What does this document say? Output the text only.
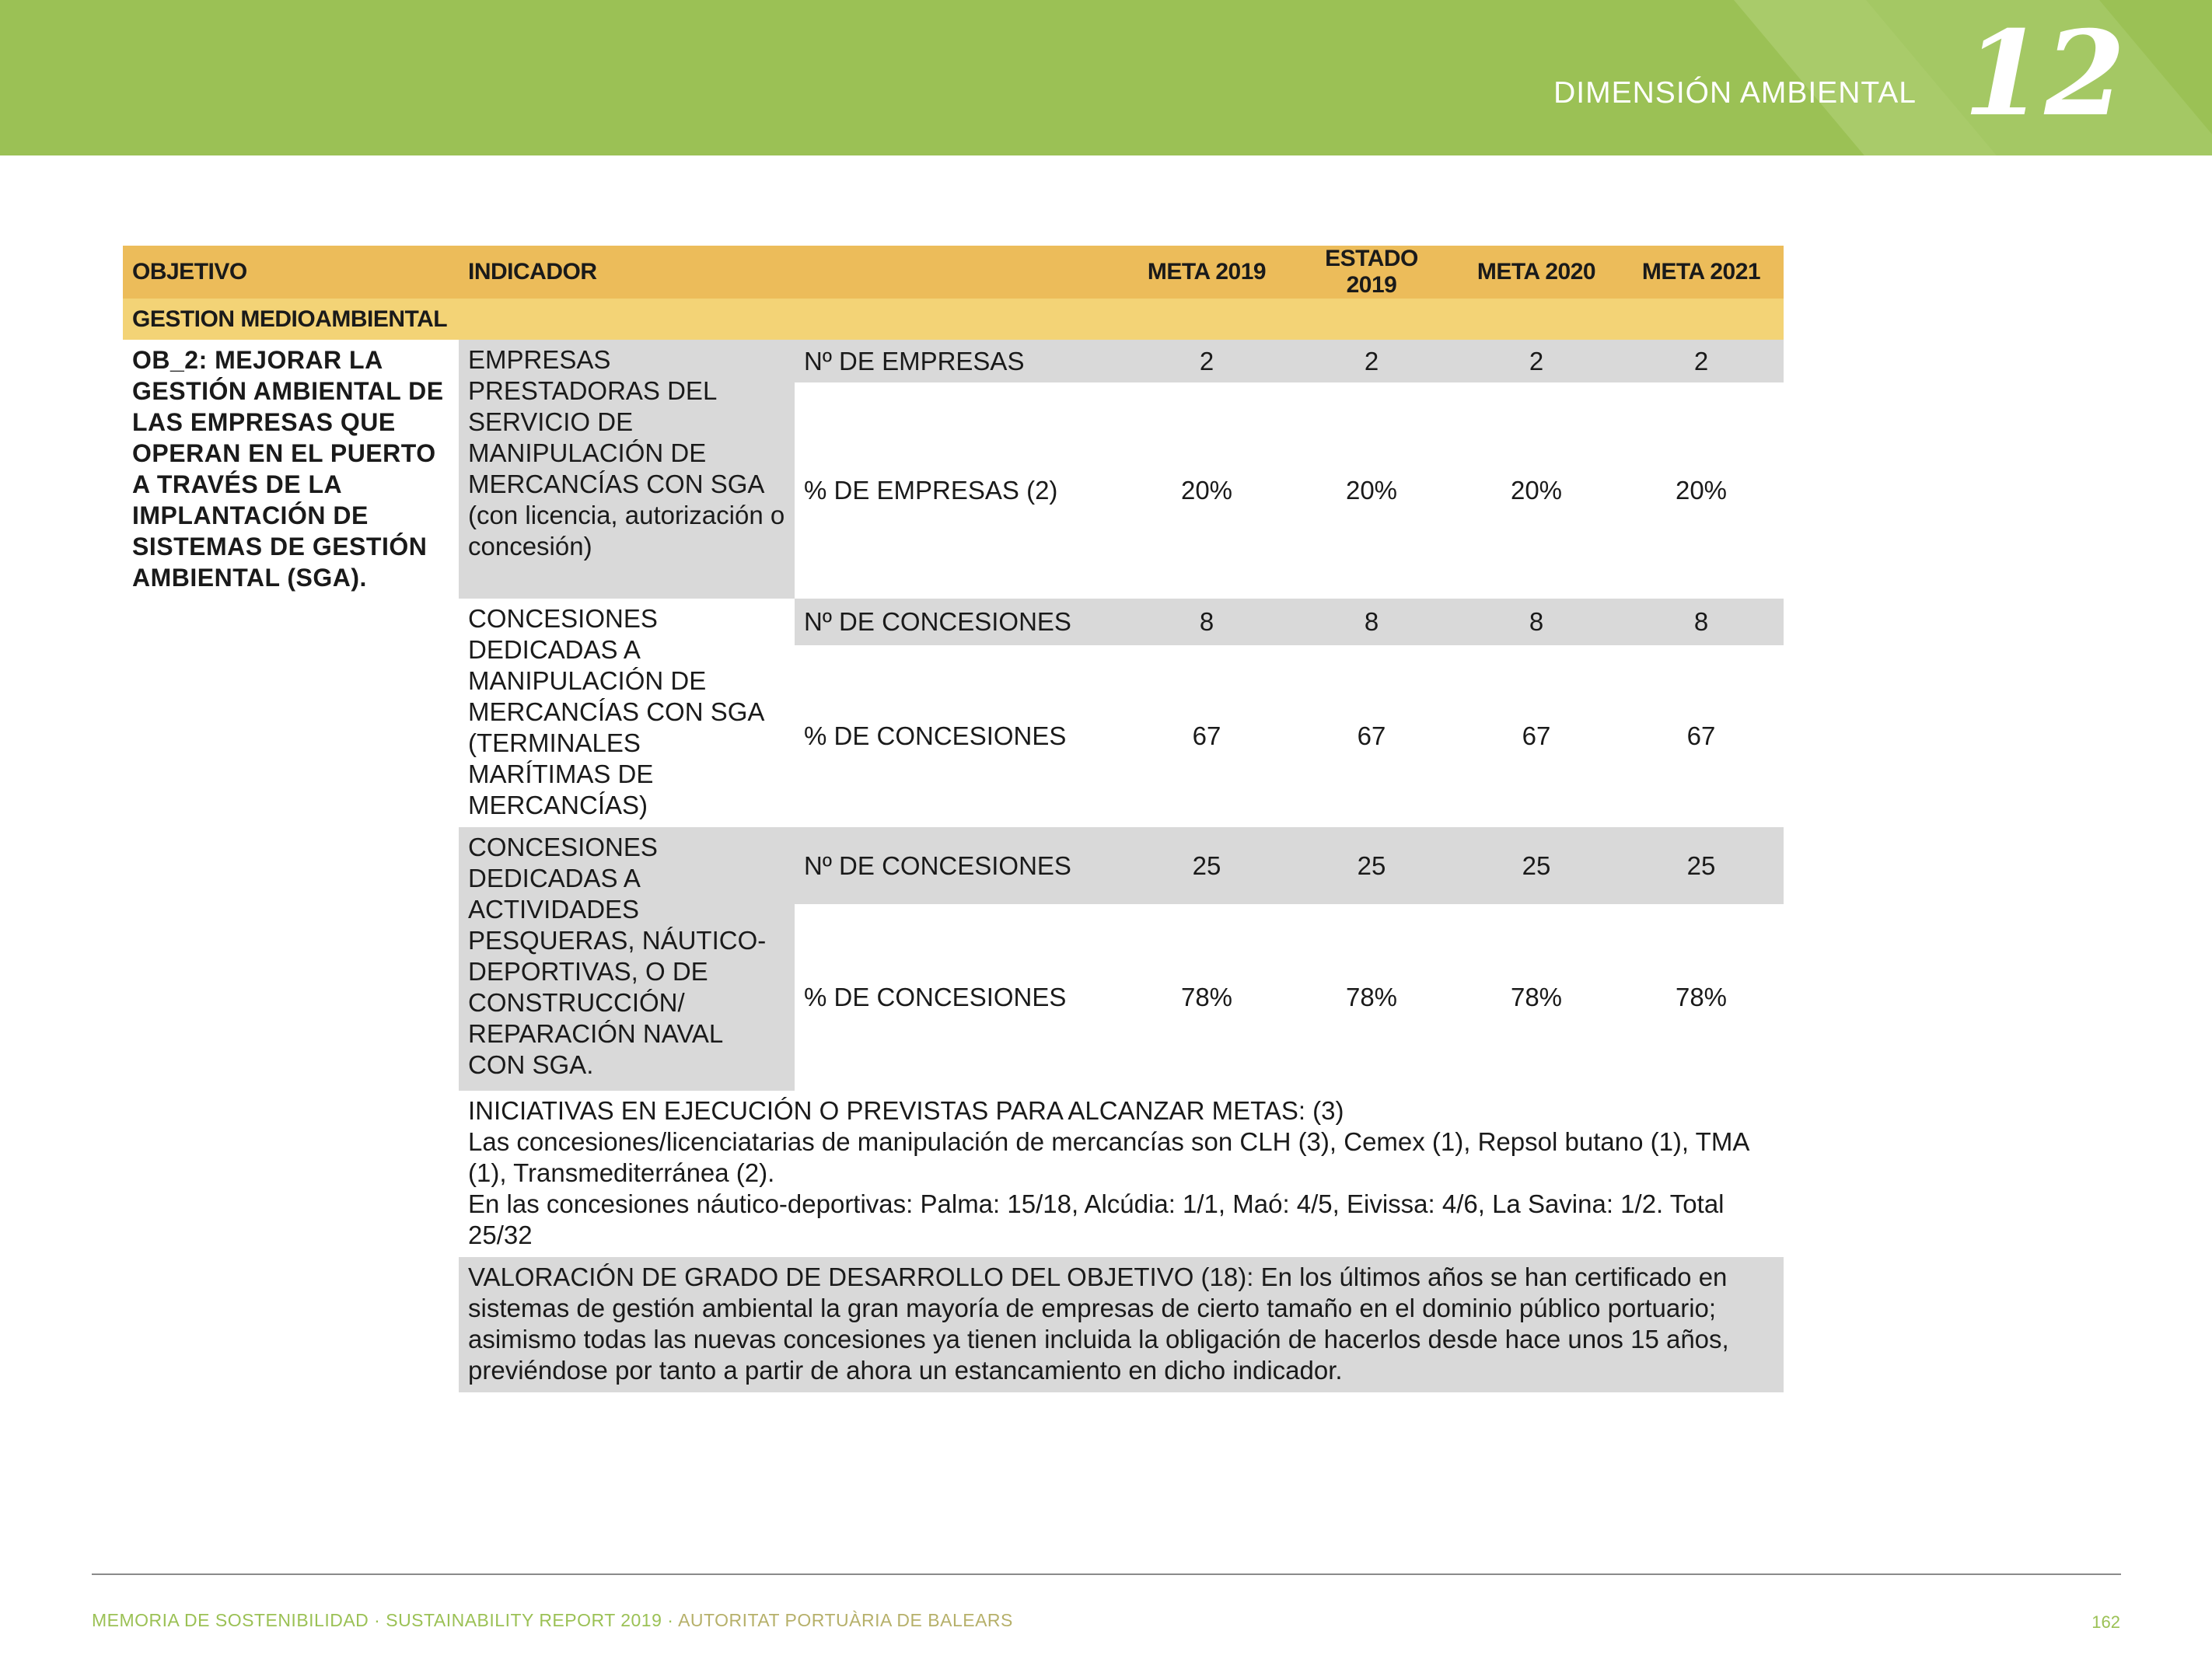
DIMENSIÓN AMBIENTAL 12
OBJETIVO	INDICADOR		META 2019	ESTADO 2019	META 2020	META 2021
GESTION MEDIOAMBIENTAL						
OB_2: MEJORAR LA GESTIÓN AMBIENTAL DE LAS EMPRESAS QUE OPERAN EN EL PUERTO A TRAVÉS DE LA IMPLANTACIÓN DE SISTEMAS DE GESTIÓN AMBIENTAL (SGA).	EMPRESAS PRESTADORAS DEL SERVICIO DE MANIPULACIÓN DE MERCANCÍAS CON SGA (con licencia, autorización o concesión)	Nº DE EMPRESAS	2	2	2	2
		% DE EMPRESAS (2)	20%	20%	20%	20%
	CONCESIONES DEDICADAS A MANIPULACIÓN DE MERCANCÍAS CON SGA (TERMINALES MARÍTIMAS DE MERCANCÍAS)	Nº DE CONCESIONES	8	8	8	8
		% DE CONCESIONES	67	67	67	67
	CONCESIONES DEDICADAS A ACTIVIDADES PESQUERAS, NÁUTICO-DEPORTIVAS, O DE CONSTRUCCIÓN/ REPARACIÓN NAVAL CON SGA.	Nº DE CONCESIONES	25	25	25	25
		% DE CONCESIONES	78%	78%	78%	78%

	INICIATIVAS EN EJECUCIÓN O PREVISTAS PARA ALCANZAR METAS: (3)
Las concesiones/licenciatarias de manipulación de mercancías son CLH (3), Cemex (1), Repsol butano (1), TMA (1), Transmediterránea (2).
En las concesiones náutico-deportivas: Palma: 15/18, Alcúdia: 1/1, Maó: 4/5, Eivissa: 4/6, La Savina: 1/2. Total 25/32					

	VALORACIÓN DE GRADO DE DESARROLLO DEL OBJETIVO (18): En los últimos años se han certificado en sistemas de gestión ambiental la gran mayoría de empresas de cierto tamaño en el dominio público portuario; asimismo todas las nuevas concesiones ya tienen incluida la obligación de hacerlos desde hace unos 15 años, previéndose por tanto a partir de ahora un estancamiento en dicho indicador.					
MEMORIA DE SOSTENIBILIDAD · SUSTAINABILITY REPORT 2019 · AUTORITAT PORTUÀRIA DE BALEARS	162
